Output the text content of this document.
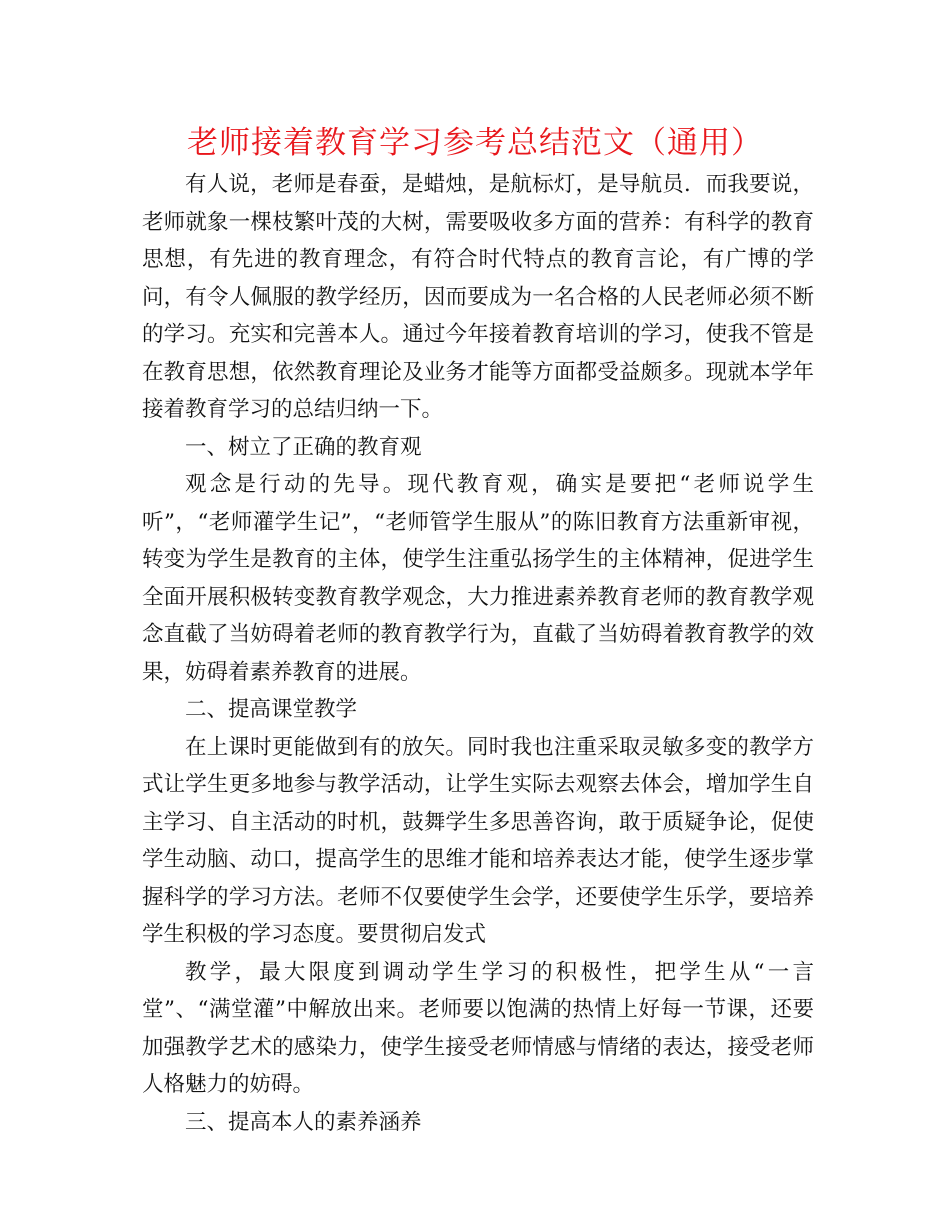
老师接着教育学习参考总结范文（通用）

有人说，老师是春蚕，是蜡烛，是航标灯，是导航员．而我要说，老师就象一棵枝繁叶茂的大树，需要吸收多方面的营养：有科学的教育思想，有先进的教育理念，有符合时代特点的教育言论，有广博的学问，有令人佩服的教学经历，因而要成为一名合格的人民老师必须不断的学习。充实和完善本人。通过今年接着教育培训的学习，使我不管是在教育思想，依然教育理论及业务才能等方面都受益颇多。现就本学年接着教育学习的总结归纳一下。

一、树立了正确的教育观

观念是行动的先导。现代教育观，确实是要把“老师说学生听”，“老师灌学生记”，“老师管学生服从”的陈旧教育方法重新审视，转变为学生是教育的主体，使学生注重弘扬学生的主体精神，促进学生全面开展积极转变教育教学观念，大力推进素养教育老师的教育教学观念直截了当妨碍着老师的教育教学行为，直截了当妨碍着教育教学的效果，妨碍着素养教育的进展。

二、提高课堂教学

在上课时更能做到有的放矢。同时我也注重采取灵敏多变的教学方式让学生更多地参与教学活动，让学生实际去观察去体会，增加学生自主学习、自主活动的时机，鼓舞学生多思善咨询，敢于质疑争论，促使学生动脑、动口，提高学生的思维才能和培养表达才能，使学生逐步掌握科学的学习方法。老师不仅要使学生会学，还要使学生乐学，要培养学生积极的学习态度。要贯彻启发式

教学，最大限度到调动学生学习的积极性，把学生从“一言堂”、“满堂灌”中解放出来。老师要以饱满的热情上好每一节课，还要加强教学艺术的感染力，使学生接受老师情感与情绪的表达，接受老师人格魅力的妨碍。

三、提高本人的素养涵养
